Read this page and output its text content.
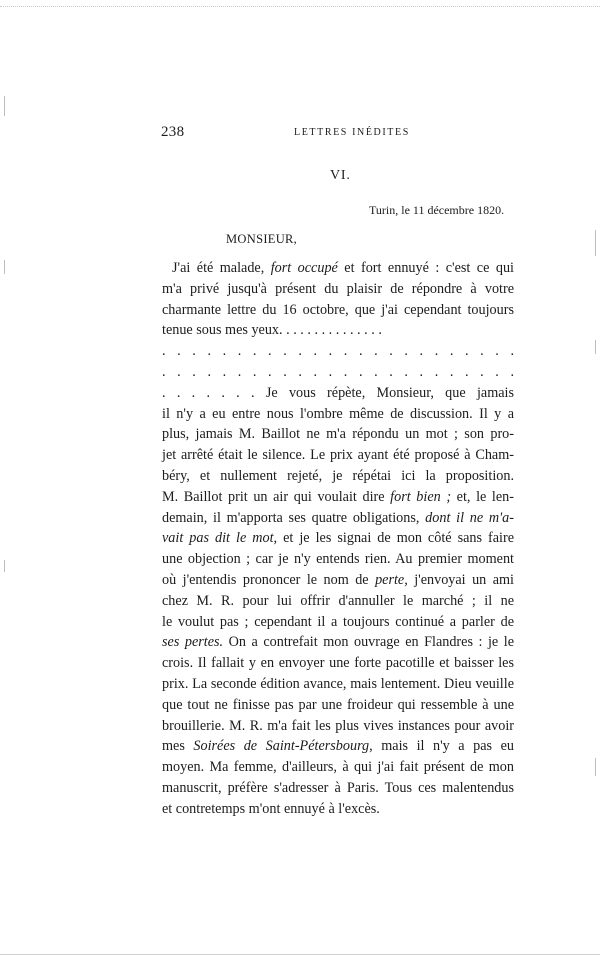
238	LETTRES INÉDITES
VI.
Turin, le 11 décembre 1820.
MONSIEUR,
J'ai été malade, fort occupé et fort ennuyé : c'est ce qui
m'a privé jusqu'à présent du plaisir de répondre à votre
charmante lettre du 16 octobre, que j'ai cependant toujours
tenue sous mes yeux. . . . . . . . . . . . . . .
. . . . . . . . . . . . . . . . . . . . . . . .
. . . . . . . . . . . . . . . . . . . . . . . .
. . . . . . . Je vous répète, Monsieur, que jamais
il n'y a eu entre nous l'ombre même de discussion. Il y a
plus, jamais M. Baillot ne m'a répondu un mot ; son pro-
jet arrêté était le silence. Le prix ayant été proposé à Cham-
béry, et nullement rejeté, je répétai ici la proposition.
M. Baillot prit un air qui voulait dire fort bien ; et, le len-
demain, il m'apporta ses quatre obligations, dont il ne m'a-
vait pas dit le mot, et je les signai de mon côté sans faire
une objection ; car je n'y entends rien. Au premier moment
où j'entendis prononcer le nom de perte, j'envoyai un ami
chez M. R. pour lui offrir d'annuller le marché ; il ne
le voulut pas ; cependant il a toujours continué a parler de
ses pertes. On a contrefait mon ouvrage en Flandres : je le
crois. Il fallait y en envoyer une forte pacotille et baisser les
prix. La seconde édition avance, mais lentement. Dieu veuille
que tout ne finisse pas par une froideur qui ressemble à une
brouillerie. M. R. m'a fait les plus vives instances pour avoir
mes Soirées de Saint-Pétersbourg, mais il n'y a pas eu
moyen. Ma femme, d'ailleurs, à qui j'ai fait présent de mon
manuscrit, préfère s'adresser à Paris. Tous ces malentendus
et contretemps m'ont ennuyé à l'excès.
